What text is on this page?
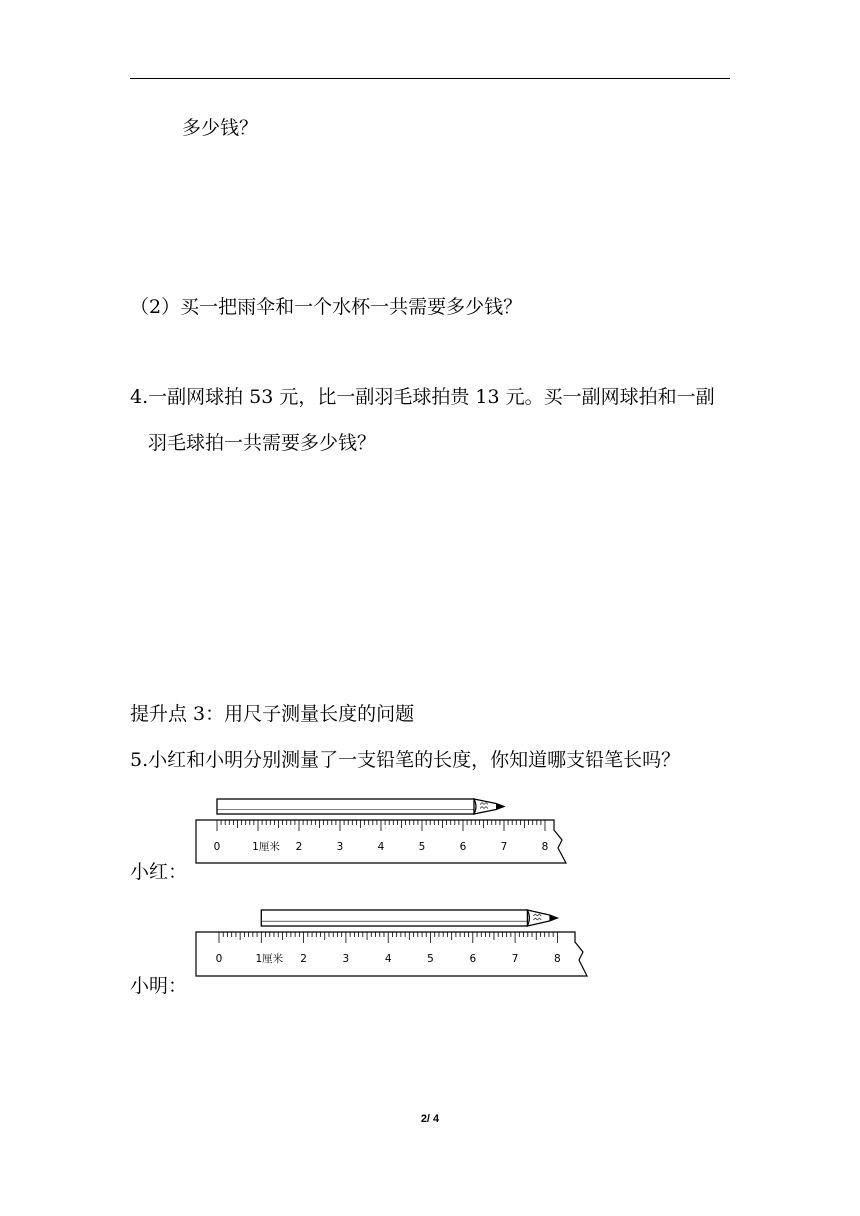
多少钱？
（2）买一把雨伞和一个水杯一共需要多少钱？
4.一副网球拍 53 元，比一副羽毛球拍贵 13 元。买一副网球拍和一副
羽毛球拍一共需要多少钱？
提升点 3：用尺子测量长度的问题
5.小红和小明分别测量了一支铅笔的长度，你知道哪支铅笔长吗？
小红：
0	1厘米 2	3	4	5	6	7	8
小明：
0	1厘米 2	3	4	5	6	7	8
2/ 4
